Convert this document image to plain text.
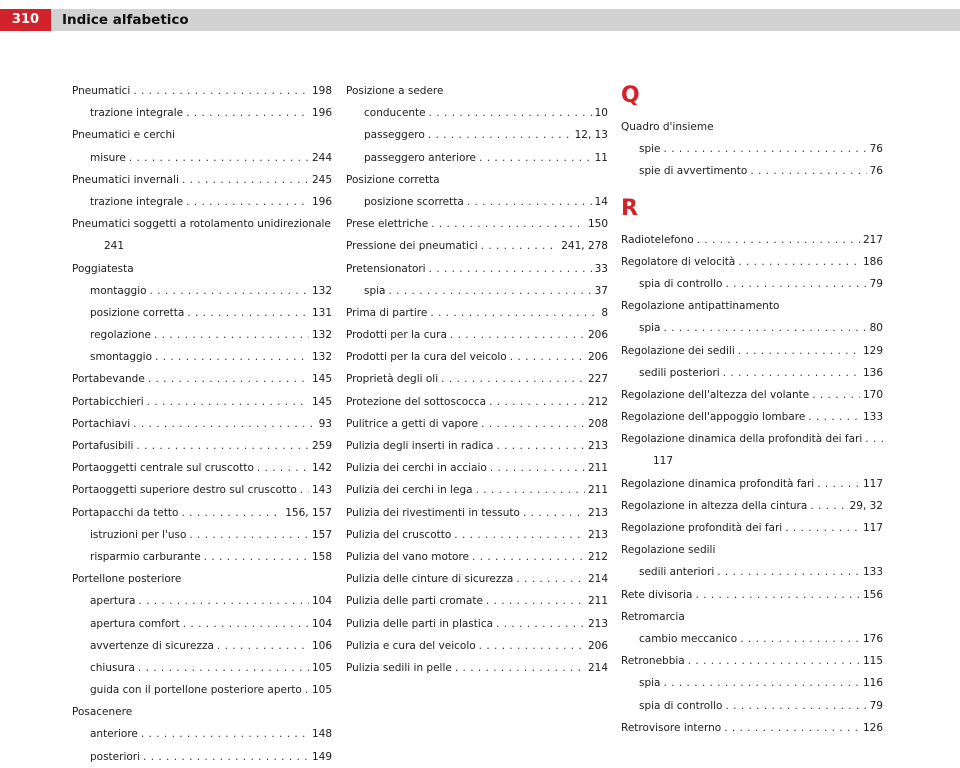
310	Indice alfabetico
Pneumatici . . .	198
trazione integrale . . .	196
Pneumatici e cerchi
misure . . .	244
Pneumatici invernali . . .	245
trazione integrale . . .	196
Pneumatici soggetti a rotolamento unidirezionale
241
Poggiatesta
montaggio . . .	132
posizione corretta . . .	131
regolazione . . .	132
smontaggio . . .	132
Portabevande . . .	145
Portabicchieri . . .	145
Portachiavi . . .	93
Portafusibili . . .	259
Portaoggetti centrale sul cruscotto . . .	142
Portaoggetti superiore destro sul cruscotto . . . 143
Portapacchi da tetto . . .	156, 157
istruzioni per l'uso . . .	157
risparmio carburante . . .	158
Portellone posteriore
apertura . . .	104
apertura comfort . . .	104
avvertenze di sicurezza . . .	106
chiusura . . .	105
guida con il portellone posteriore aperto . . . 105
Posacenere
anteriore . . .	148
posteriori . . .	149
Posizione a sedere
conducente . . .	10
passeggero . . .	12, 13
passeggero anteriore . . .	11
Posizione corretta
posizione scorretta . . .	14
Prese elettriche . . .	150
Pressione dei pneumatici . . .	241, 278
Pretensionatori . . .	33
spia . . .	37
Prima di partire . . .	8
Prodotti per la cura . . .	206
Prodotti per la cura del veicolo . . .	206
Proprietà degli oli . . .	227
Protezione del sottoscocca . . .	212
Pulitrice a getti di vapore . . .	208
Pulizia degli inserti in radica . . .	213
Pulizia dei cerchi in acciaio . . .	211
Pulizia dei cerchi in lega . . .	211
Pulizia dei rivestimenti in tessuto . . .	213
Pulizia del cruscotto . . .	213
Pulizia del vano motore . . .	212
Pulizia delle cinture di sicurezza . . .	214
Pulizia delle parti cromate . . .	211
Pulizia delle parti in plastica . . .	213
Pulizia e cura del veicolo . . .	206
Pulizia sedili in pelle . . .	214
Q
Quadro d'insieme
spie . . .	76
spie di avvertimento . . .	76
R
Radiotelefono . . .	217
Regolatore di velocità . . .	186
spia di controllo . . .	79
Regolazione antipattinamento
spia . . .	80
Regolazione dei sedili . . .	129
sedili posteriori . . .	136
Regolazione dell'altezza del volante . . .	170
Regolazione dell'appoggio lombare . . .	133
Regolazione dinamica della profondità dei fari
. . .
117
Regolazione dinamica profondità fari . . .	117
Regolazione in altezza della cintura . . .	29, 32
Regolazione profondità dei fari . . .	117
Regolazione sedili
sedili anteriori . . .	133
Rete divisoria . . .	156
Retromarcia
cambio meccanico . . .	176
Retronebbia . . .	115
spia . . .	116
spia di controllo . . .	79
Retrovisore interno . . .	126
